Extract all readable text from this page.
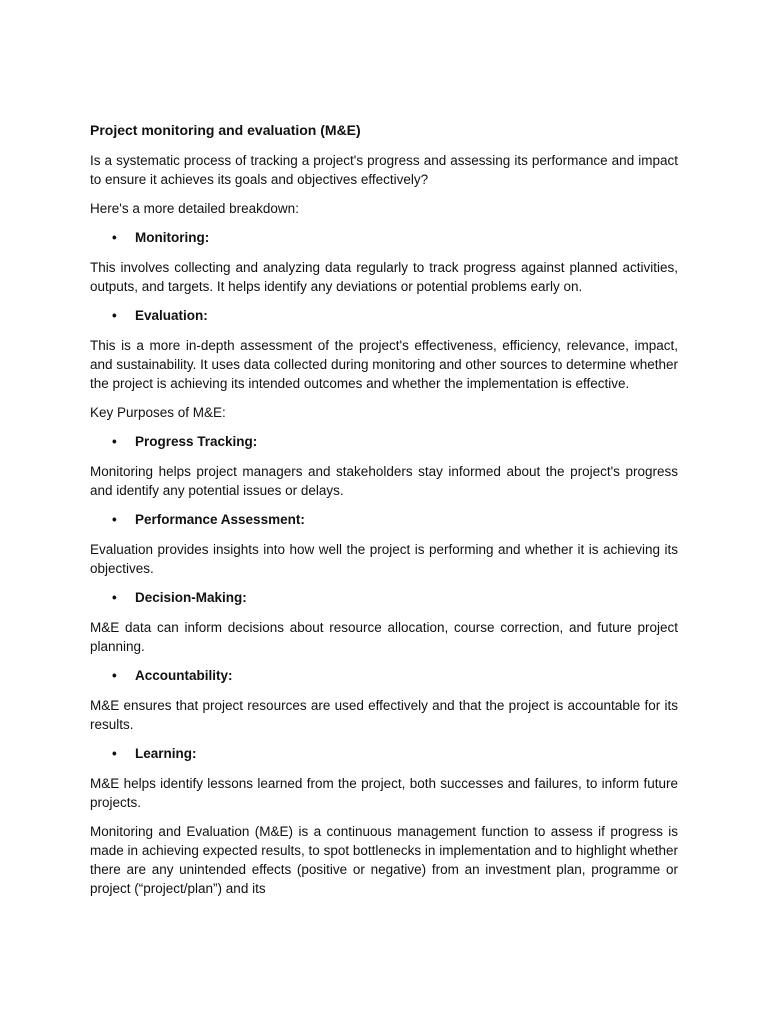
Project monitoring and evaluation (M&E)

Is a systematic process of tracking a project's progress and assessing its performance and impact to ensure it achieves its goals and objectives effectively?

Here's a more detailed breakdown:

•	Monitoring:

This involves collecting and analyzing data regularly to track progress against planned activities, outputs, and targets. It helps identify any deviations or potential problems early on.

•	Evaluation:

This is a more in-depth assessment of the project's effectiveness, efficiency, relevance, impact, and sustainability. It uses data collected during monitoring and other sources to determine whether the project is achieving its intended outcomes and whether the implementation is effective.

Key Purposes of M&E:

•	Progress Tracking:

Monitoring helps project managers and stakeholders stay informed about the project's progress and identify any potential issues or delays.

•	Performance Assessment:

Evaluation provides insights into how well the project is performing and whether it is achieving its objectives.

•	Decision-Making:

M&E data can inform decisions about resource allocation, course correction, and future project planning.

•	Accountability:

M&E ensures that project resources are used effectively and that the project is accountable for its results.

•	Learning:

M&E helps identify lessons learned from the project, both successes and failures, to inform future projects.

Monitoring and Evaluation (M&E) is a continuous management function to assess if progress is made in achieving expected results, to spot bottlenecks in implementation and to highlight whether there are any unintended effects (positive or negative) from an investment plan, programme or project (“project/plan”) and its
